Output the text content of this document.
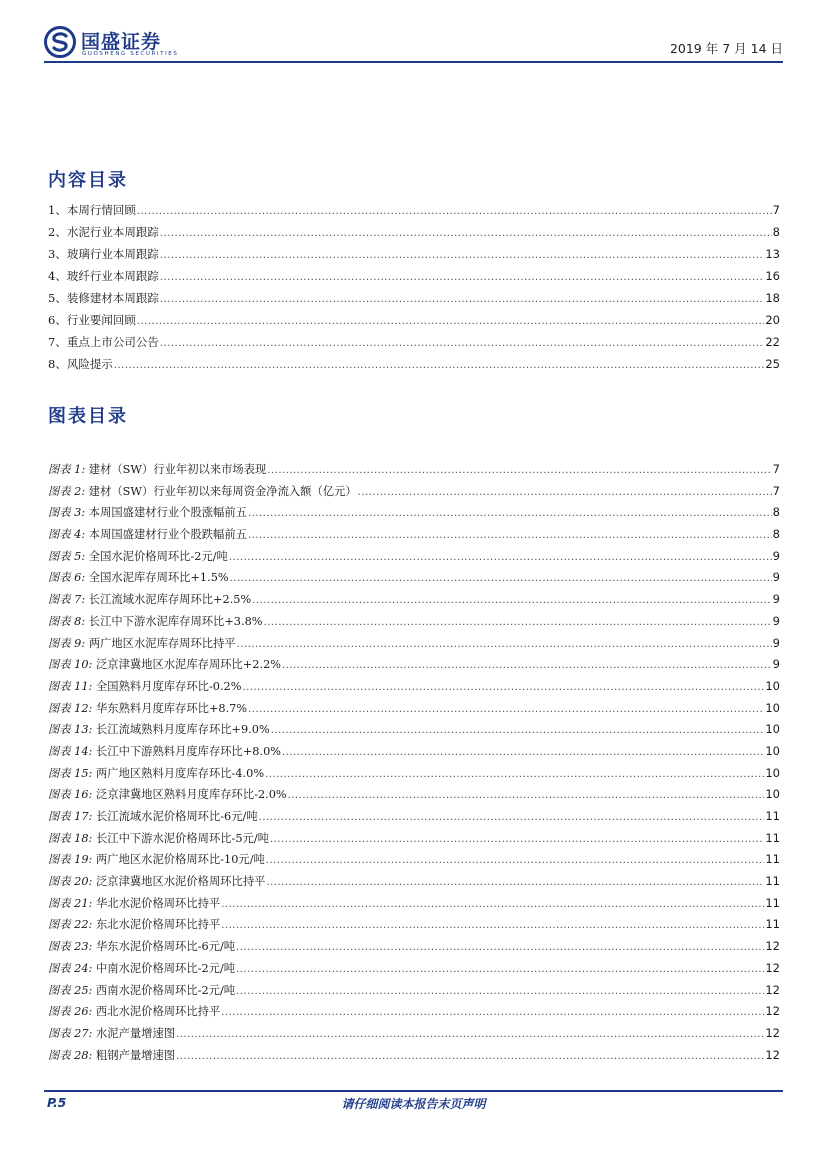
国盛证券
GUOSHENG SECURITIES	2019 年 7 月 14 日
内容目录
1、本周行情回顾 .....	7
2、水泥行业本周跟踪 .....	8
3、玻璃行业本周跟踪 .....	13
4、玻纤行业本周跟踪 .....	16
5、装修建材本周跟踪 .....	18
6、行业要闻回顾 .....	20
7、重点上市公司公告 .....	22
8、风险提示 .....	25
图表目录
图表 1: 建材（SW）行业年初以来市场表现 .....	7
图表 2: 建材（SW）行业年初以来每周资金净流入额（亿元） .....	7
图表 3: 本周国盛建材行业个股涨幅前五 .....	8
图表 4: 本周国盛建材行业个股跌幅前五 .....	8
图表 5: 全国水泥价格周环比-2元/吨 .....	9
图表 6: 全国水泥库存周环比+1.5% .....	9
图表 7: 长江流域水泥库存周环比+2.5% .....	9
图表 8: 长江中下游水泥库存周环比+3.8% .....	9
图表 9: 两广地区水泥库存周环比持平 .....	9
图表 10: 泛京津冀地区水泥库存周环比+2.2% .....	9
图表 11: 全国熟料月度库存环比-0.2% .....	10
图表 12: 华东熟料月度库存环比+8.7% .....	10
图表 13: 长江流域熟料月度库存环比+9.0% .....	10
图表 14: 长江中下游熟料月度库存环比+8.0% .....	10
图表 15: 两广地区熟料月度库存环比-4.0% .....	10
图表 16: 泛京津冀地区熟料月度库存环比-2.0% .....	10
图表 17: 长江流域水泥价格周环比-6元/吨 .....	11
图表 18: 长江中下游水泥价格周环比-5元/吨 .....	11
图表 19: 两广地区水泥价格周环比-10元/吨 .....	11
图表 20: 泛京津冀地区水泥价格周环比持平 .....	11
图表 21: 华北水泥价格周环比持平 .....	11
图表 22: 东北水泥价格周环比持平 .....	11
图表 23: 华东水泥价格周环比-6元/吨 .....	12
图表 24: 中南水泥价格周环比-2元/吨 .....	12
图表 25: 西南水泥价格周环比-2元/吨 .....	12
图表 26: 西北水泥价格周环比持平 .....	12
图表 27: 水泥产量增速图 .....	12
图表 28: 粗钢产量增速图 .....	12
P.5	请仔细阅读本报告末页声明
